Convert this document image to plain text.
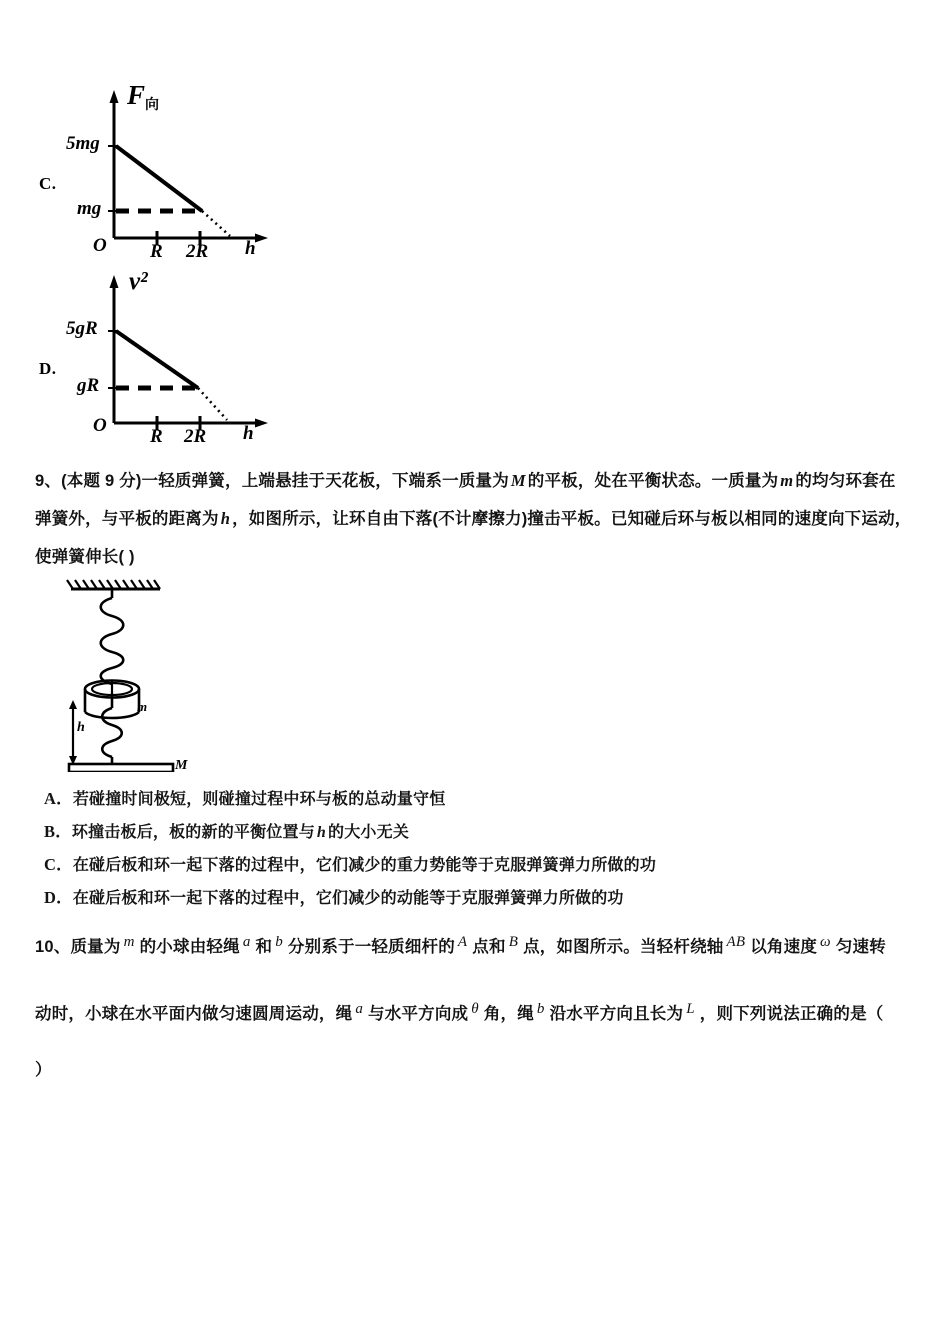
C.
F向
5mg
mg
O R 2R h
D.
v²
5gR
gR
O
R 2R h
9、(本题 9 分)一轻质弹簧，上端悬挂于天花板，下端系一质量为 M 的平板，处在平衡状态。一质量为 m 的均匀环套在
弹簧外，与平板的距离为 h ，如图所示，让环自由下落(不计摩擦力)撞击平板。已知碰后环与板以相同的速度向下运动，
使弹簧伸长( )
m
h
M
A．若碰撞时间极短，则碰撞过程中环与板的总动量守恒
B．环撞击板后，板的新的平衡位置与 h 的大小无关
C．在碰后板和环一起下落的过程中，它们减少的重力势能等于克服弹簧弹力所做的功
D．在碰后板和环一起下落的过程中，它们减少的动能等于克服弹簧弹力所做的功
10、质量为 m 的小球由轻绳 a 和 b 分别系于一轻质细杆的 A 点和 B 点，如图所示。当轻杆绕轴 AB 以角速度 ω 匀速转
动时，小球在水平面内做匀速圆周运动，绳 a 与水平方向成 θ 角，绳 b 沿水平方向且长为 L ，则下列说法正确的是（
）
